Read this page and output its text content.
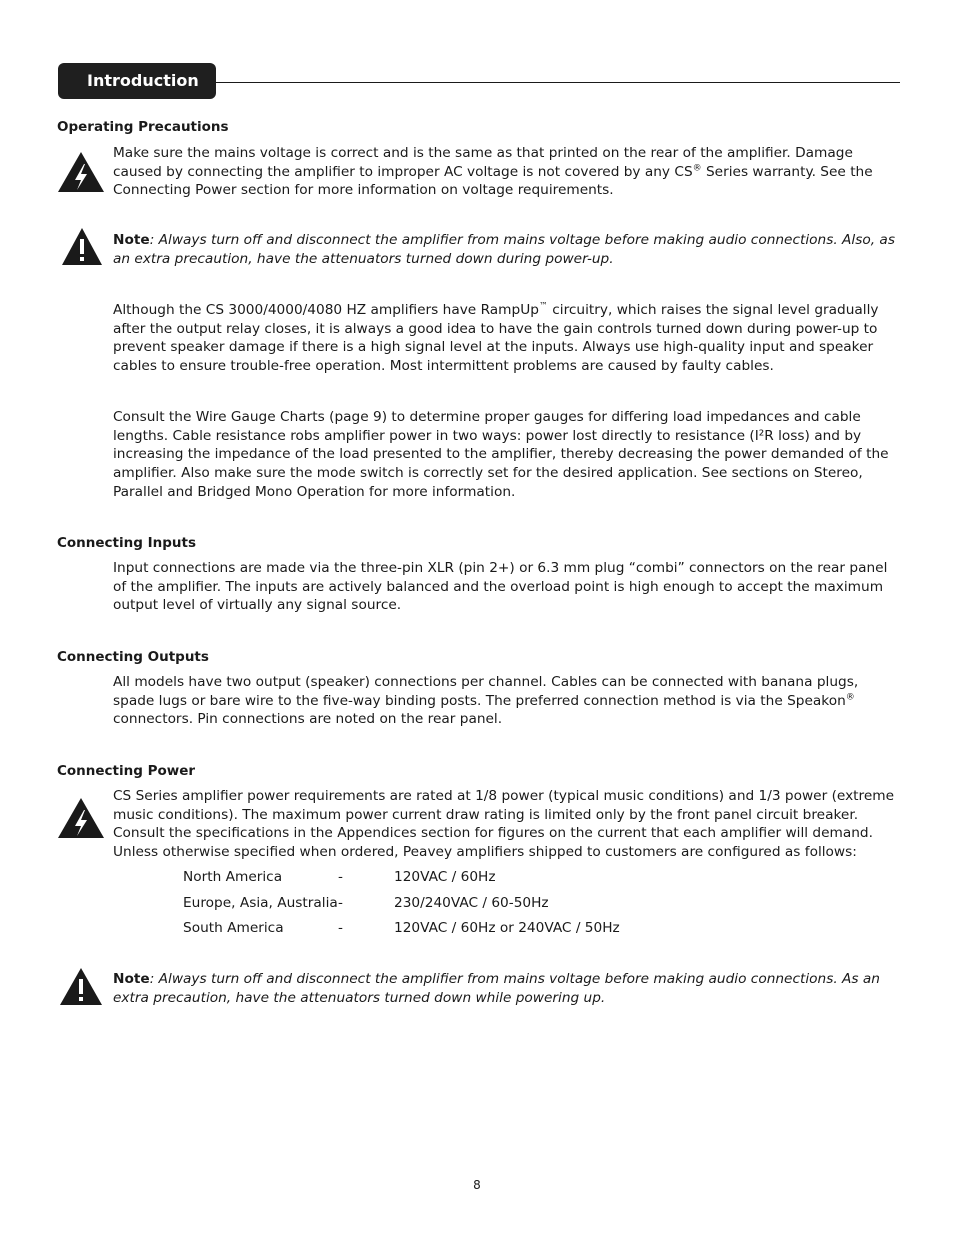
Introduction
Operating Precautions
Make sure the mains voltage is correct and is the same as that printed on the rear of the amplifier. Damage caused by connecting the amplifier to improper AC voltage is not covered by any CS® Series warranty. See the Connecting Power section for more information on voltage requirements.
Note: Always turn off and disconnect the amplifier from mains voltage before making audio connections. Also, as an extra precaution, have the attenuators turned down during power-up.
Although the CS 3000/4000/4080 HZ amplifiers have RampUp™ circuitry, which raises the signal level gradually after the output relay closes, it is always a good idea to have the gain controls turned down during power-up to prevent speaker damage if there is a high signal level at the inputs. Always use high-quality input and speaker cables to ensure trouble-free operation. Most intermittent problems are caused by faulty cables.
Consult the Wire Gauge Charts (page 9) to determine proper gauges for differing load impedances and cable lengths. Cable resistance robs amplifier power in two ways: power lost directly to resistance (I²R loss) and by increasing the impedance of the load presented to the amplifier, thereby decreasing the power demanded of the amplifier. Also make sure the mode switch is correctly set for the desired application. See sections on Stereo, Parallel and Bridged Mono Operation for more information.
Connecting Inputs
Input connections are made via the three-pin XLR (pin 2+) or 6.3 mm plug “combi” connectors on the rear panel of the amplifier. The inputs are actively balanced and the overload point is high enough to accept the maximum output level of virtually any signal source.
Connecting Outputs
All models have two output (speaker) connections per channel. Cables can be connected with banana plugs, spade lugs or bare wire to the five-way binding posts. The preferred connection method is via the Speakon® connectors. Pin connections are noted on the rear panel.
Connecting Power
CS Series amplifier power requirements are rated at 1/8 power (typical music conditions) and 1/3 power (extreme music conditions). The maximum power current draw rating is limited only by the front panel circuit breaker. Consult the specifications in the Appendices section for figures on the current that each amplifier will demand. Unless otherwise specified when ordered, Peavey amplifiers shipped to customers are configured as follows:
North America	-	120VAC / 60Hz
Europe, Asia, Australia -	230/240VAC / 60-50Hz
South America	-	120VAC / 60Hz or 240VAC / 50Hz
Note: Always turn off and disconnect the amplifier from mains voltage before making audio connections. As an extra precaution, have the attenuators turned down while powering up.
8
